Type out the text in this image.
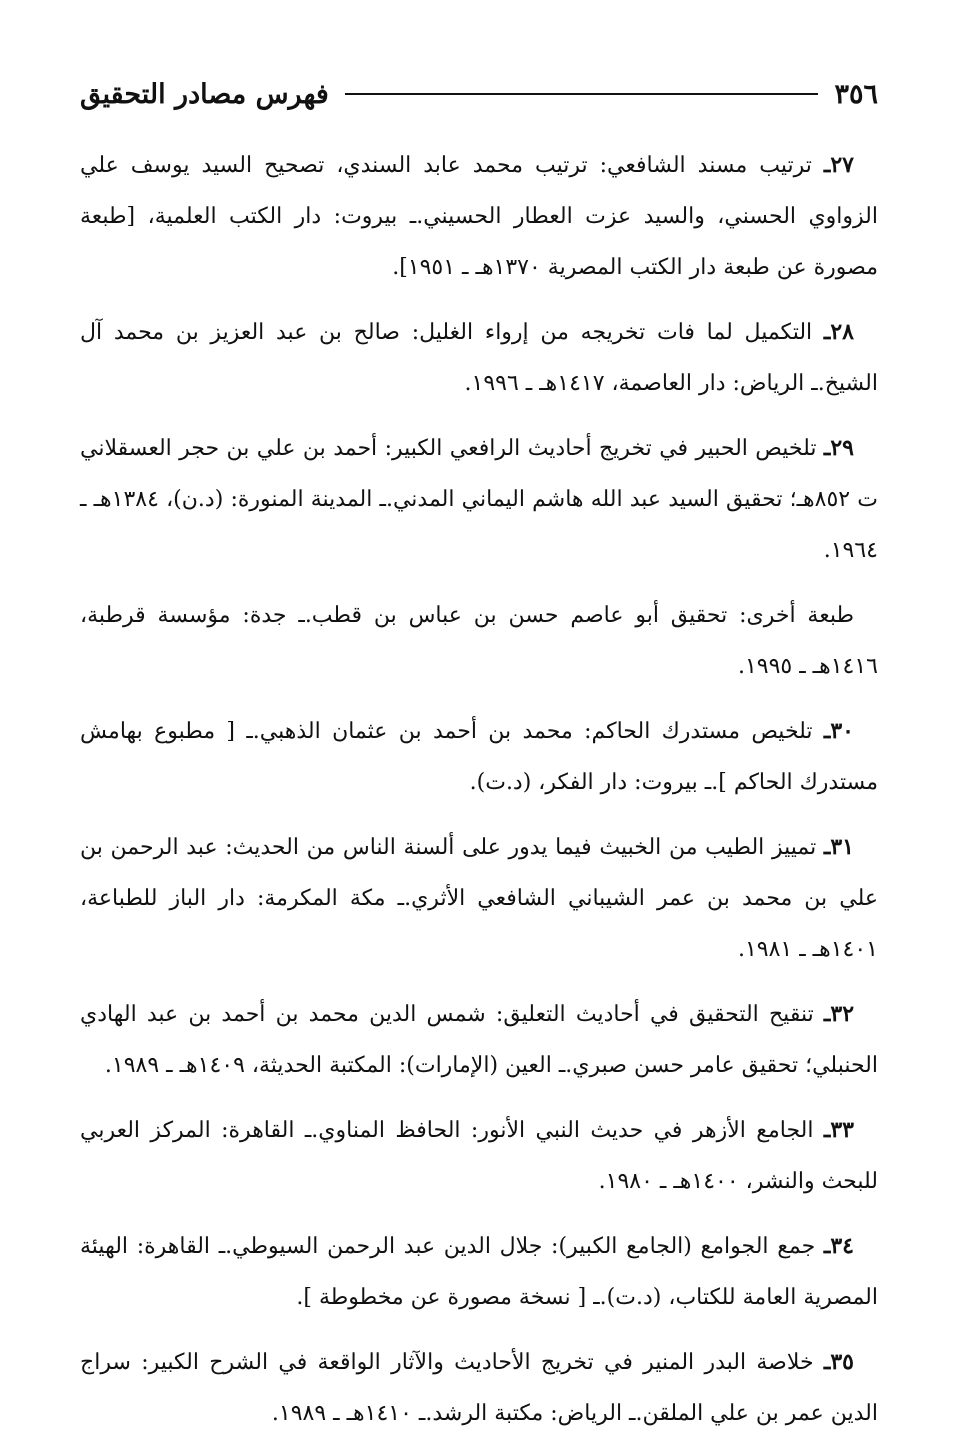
٣٥٦
فهرس مصادر التحقيق

٢٧ـ ترتيب مسند الشافعي: ترتيب محمد عابد السندي، تصحيح السيد يوسف علي الزواوي الحسني، والسيد عزت العطار الحسيني.ـ بيروت: دار الكتب العلمية، [طبعة مصورة عن طبعة دار الكتب المصرية ١٣٧٠هـ ـ ١٩٥١].

٢٨ـ التكميل لما فات تخريجه من إرواء الغليل: صالح بن عبد العزيز بن محمد آل الشيخ.ـ الرياض: دار العاصمة، ١٤١٧هـ ـ ١٩٩٦.

٢٩ـ تلخيص الحبير في تخريج أحاديث الرافعي الكبير: أحمد بن علي بن حجر العسقلاني ت ٨٥٢هـ؛ تحقيق السيد عبد الله هاشم اليماني المدني.ـ المدينة المنورة: (د.ن)، ١٣٨٤هـ ـ ١٩٦٤.

طبعة أخرى: تحقيق أبو عاصم حسن بن عباس بن قطب.ـ جدة: مؤسسة قرطبة، ١٤١٦هـ ـ ١٩٩٥.

٣٠ـ تلخيص مستدرك الحاكم: محمد بن أحمد بن عثمان الذهبي.ـ [ مطبوع بهامش مستدرك الحاكم ].ـ بيروت: دار الفكر، (د.ت).

٣١ـ تمييز الطيب من الخبيث فيما يدور على ألسنة الناس من الحديث: عبد الرحمن بن علي بن محمد بن عمر الشيباني الشافعي الأثري.ـ مكة المكرمة: دار الباز للطباعة، ١٤٠١هـ ـ ١٩٨١.

٣٢ـ تنقيح التحقيق في أحاديث التعليق: شمس الدين محمد بن أحمد بن عبد الهادي الحنبلي؛ تحقيق عامر حسن صبري.ـ العين (الإمارات): المكتبة الحديثة، ١٤٠٩هـ ـ ١٩٨٩.

٣٣ـ الجامع الأزهر في حديث النبي الأنور: الحافظ المناوي.ـ القاهرة: المركز العربي للبحث والنشر، ١٤٠٠هـ ـ ١٩٨٠.

٣٤ـ جمع الجوامع (الجامع الكبير): جلال الدين عبد الرحمن السيوطي.ـ القاهرة: الهيئة المصرية العامة للكتاب، (د.ت).ـ [ نسخة مصورة عن مخطوطة ].

٣٥ـ خلاصة البدر المنير في تخريج الأحاديث والآثار الواقعة في الشرح الكبير: سراج الدين عمر بن علي الملقن.ـ الرياض: مكتبة الرشد.ـ ١٤١٠هـ ـ ١٩٨٩.
